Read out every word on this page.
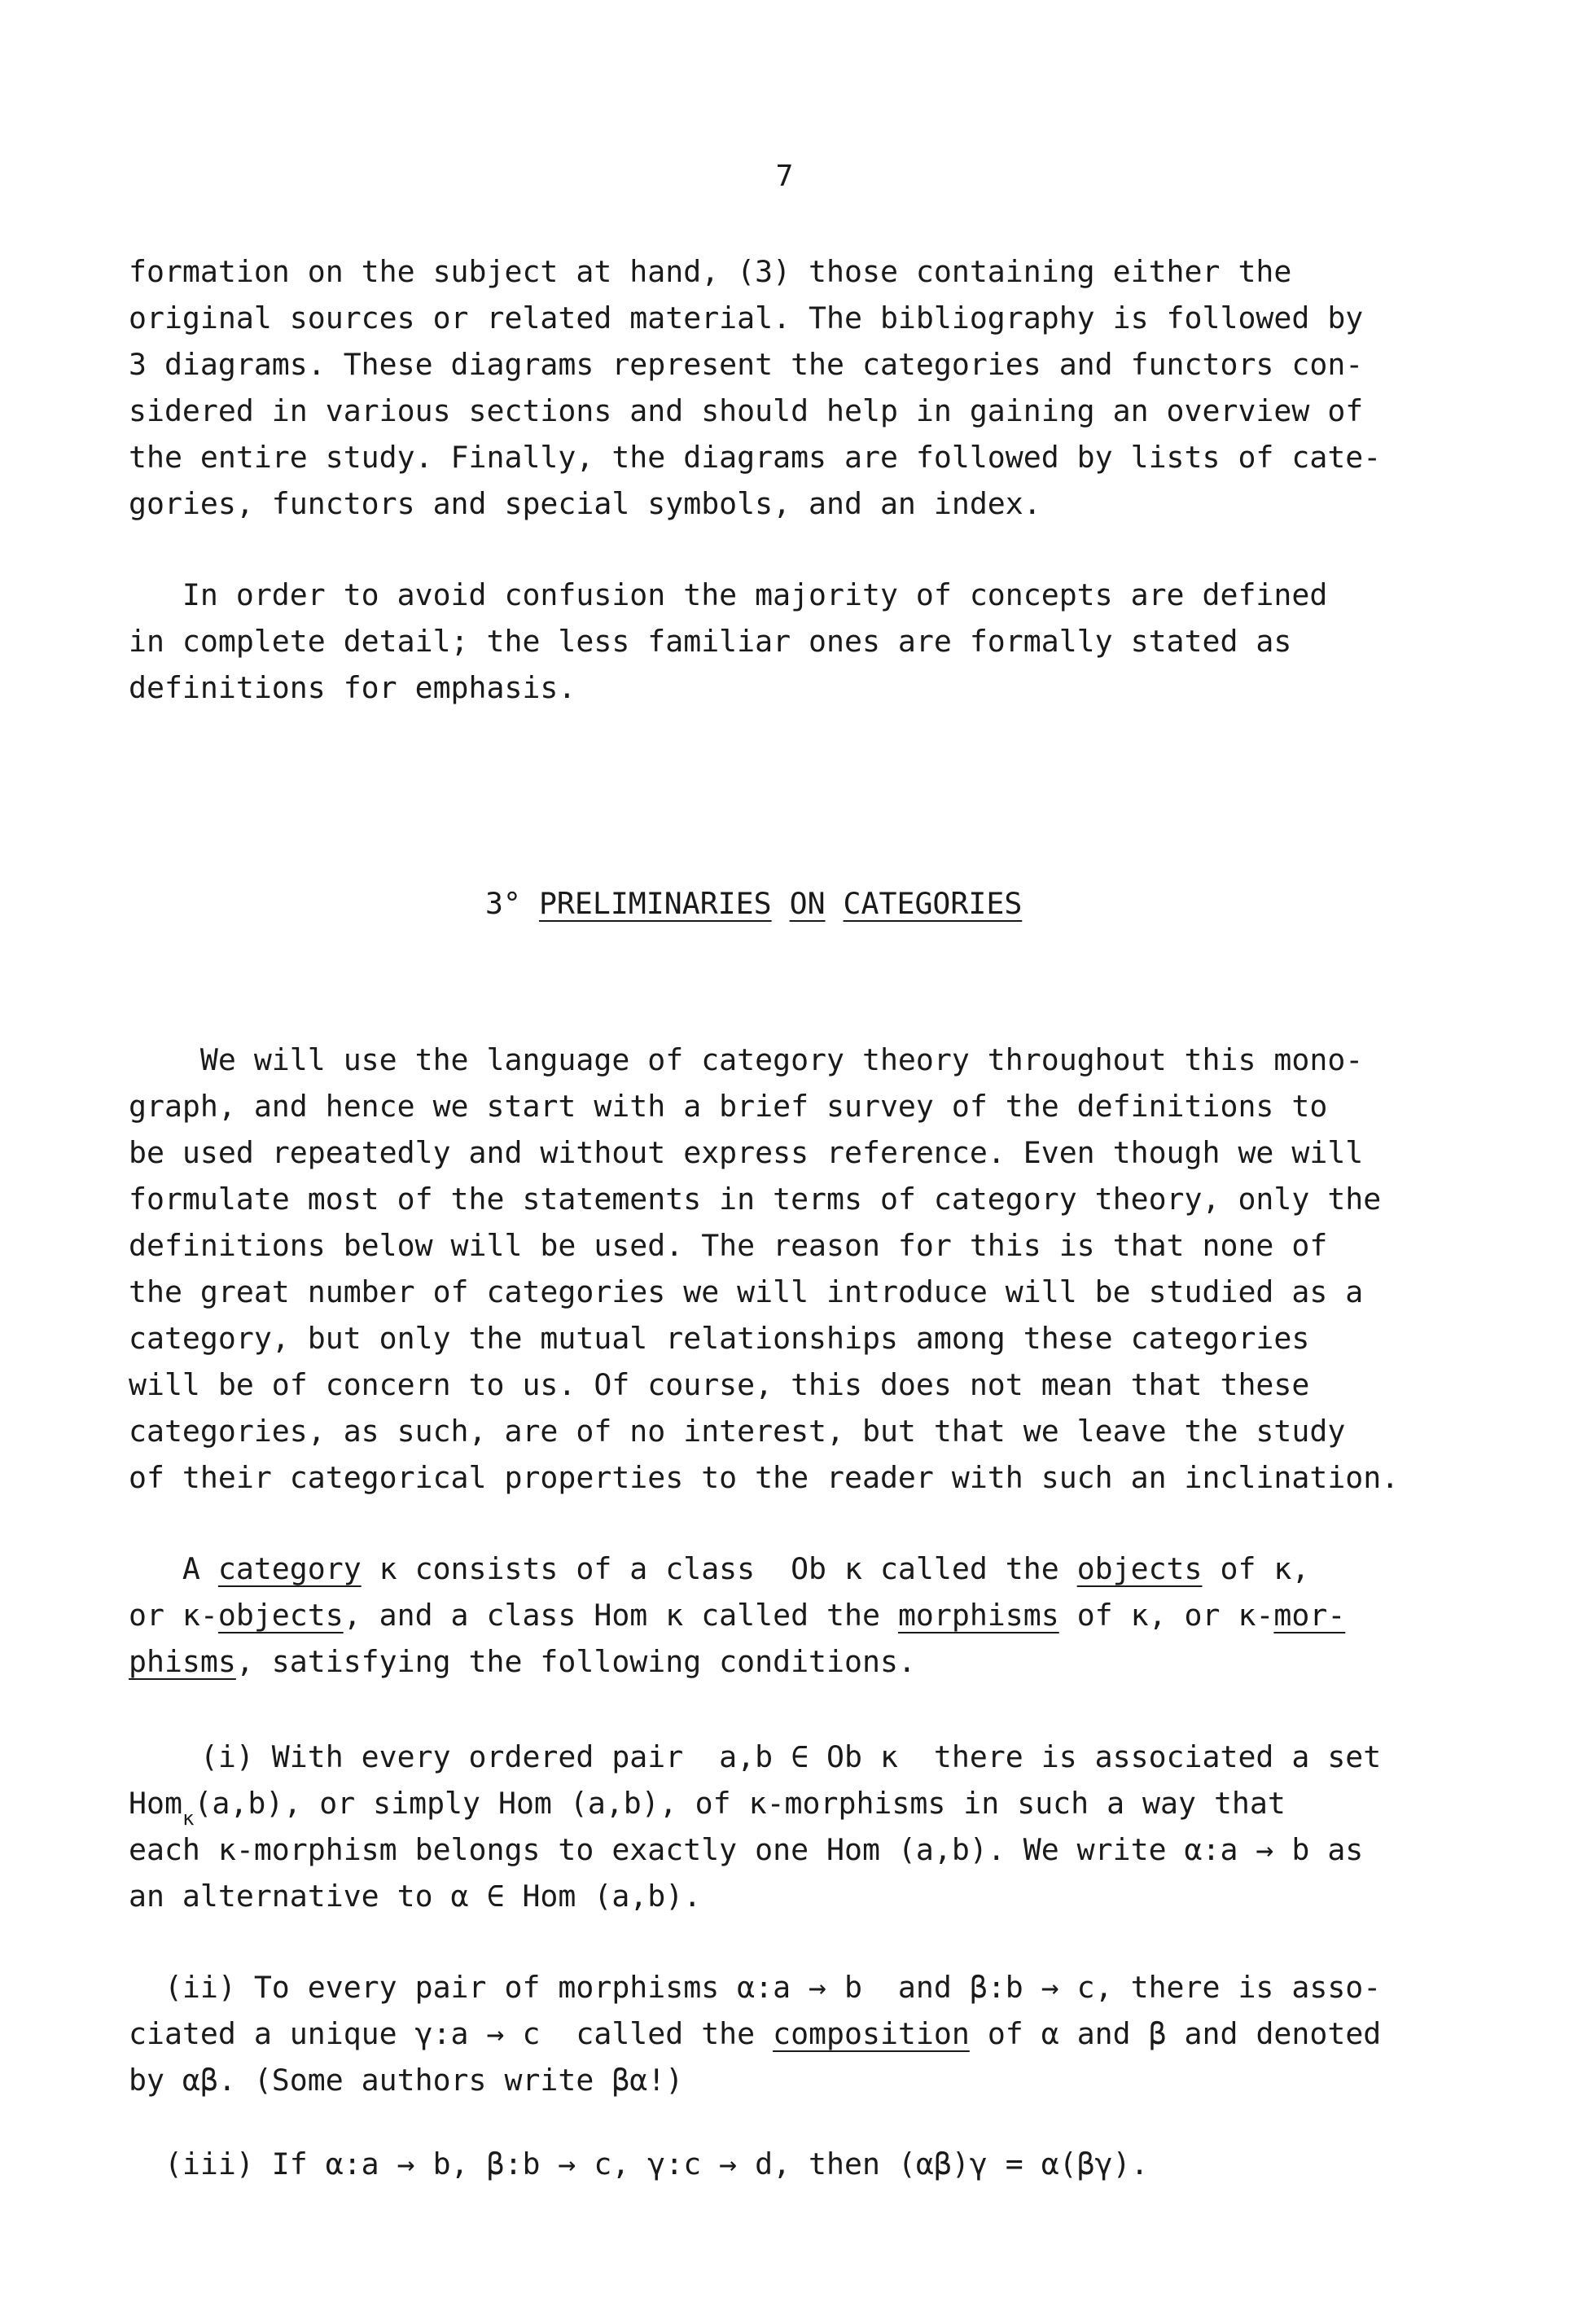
7
formation on the subject at hand, (3) those containing either the
original sources or related material. The bibliography is followed by
3 diagrams. These diagrams represent the categories and functors con-
sidered in various sections and should help in gaining an overview of
the entire study. Finally, the diagrams are followed by lists of cate-
gories, functors and special symbols, and an index.
In order to avoid confusion the majority of concepts are defined
in complete detail; the less familiar ones are formally stated as
definitions for emphasis.
3° PRELIMINARIES ON CATEGORIES
We will use the language of category theory throughout this mono-
graph, and hence we start with a brief survey of the definitions to
be used repeatedly and without express reference. Even though we will
formulate most of the statements in terms of category theory, only the
definitions below will be used. The reason for this is that none of
the great number of categories we will introduce will be studied as a
category, but only the mutual relationships among these categories
will be of concern to us. Of course, this does not mean that these
categories, as such, are of no interest, but that we leave the study
of their categorical properties to the reader with such an inclination.
A category κ consists of a class  Ob κ called the objects of κ,
or κ-objects, and a class Hom κ called the morphisms of κ, or κ-mor-
phisms, satisfying the following conditions.
(i) With every ordered pair  a,b ∈ Ob κ  there is associated a set
Hom$_\kappa$(a,b), or simply Hom (a,b), of κ-morphisms in such a way that
each κ-morphism belongs to exactly one Hom (a,b). We write α:a → b as
an alternative to α ∈ Hom (a,b).
(ii) To every pair of morphisms α:a → b  and β:b → c, there is asso-
ciated a unique γ:a → c  called the composition of α and β and denoted
by αβ. (Some authors write βα!)
(iii) If α:a → b, β:b → c, γ:c → d, then (αβ)γ = α(βγ).
